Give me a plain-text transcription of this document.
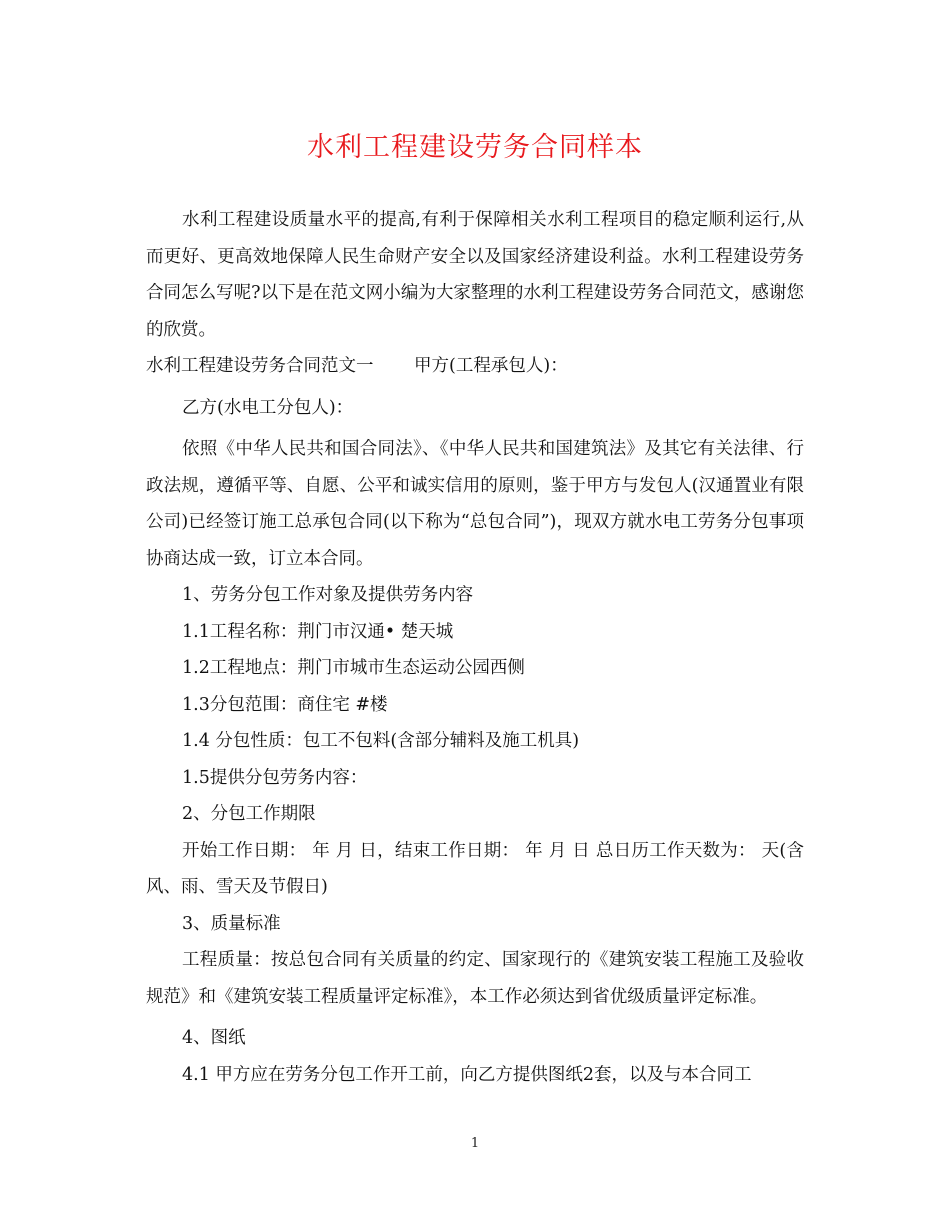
水利工程建设劳务合同样本

水利工程建设质量水平的提高,有利于保障相关水利工程项目的稳定顺利运行,从而更好、更高效地保障人民生命财产安全以及国家经济建设利益。水利工程建设劳务合同怎么写呢?以下是在范文网小编为大家整理的水利工程建设劳务合同范文，感谢您的欣赏。

水利工程建设劳务合同范文一　　 甲方(工程承包人)：

乙方(水电工分包人)：

依照《中华人民共和国合同法》、《中华人民共和国建筑法》及其它有关法律、行政法规，遵循平等、自愿、公平和诚实信用的原则，鉴于甲方与发包人(汉通置业有限公司)已经签订施工总承包合同(以下称为“总包合同”)，现双方就水电工劳务分包事项协商达成一致，订立本合同。

1、劳务分包工作对象及提供劳务内容

1.1工程名称：荆门市汉通• 楚天城

1.2工程地点：荆门市城市生态运动公园西侧

1.3分包范围：商住宅 #楼

1.4 分包性质：包工不包料(含部分辅料及施工机具)

1.5提供分包劳务内容：

2、分包工作期限

开始工作日期： 年 月 日，结束工作日期： 年 月 日 总日历工作天数为： 天(含风、雨、雪天及节假日)

3、质量标准

工程质量：按总包合同有关质量的约定、国家现行的《建筑安装工程施工及验收规范》和《建筑安装工程质量评定标准》，本工作必须达到省优级质量评定标准。

4、图纸

4.1 甲方应在劳务分包工作开工前，向乙方提供图纸2套，以及与本合同工

1
